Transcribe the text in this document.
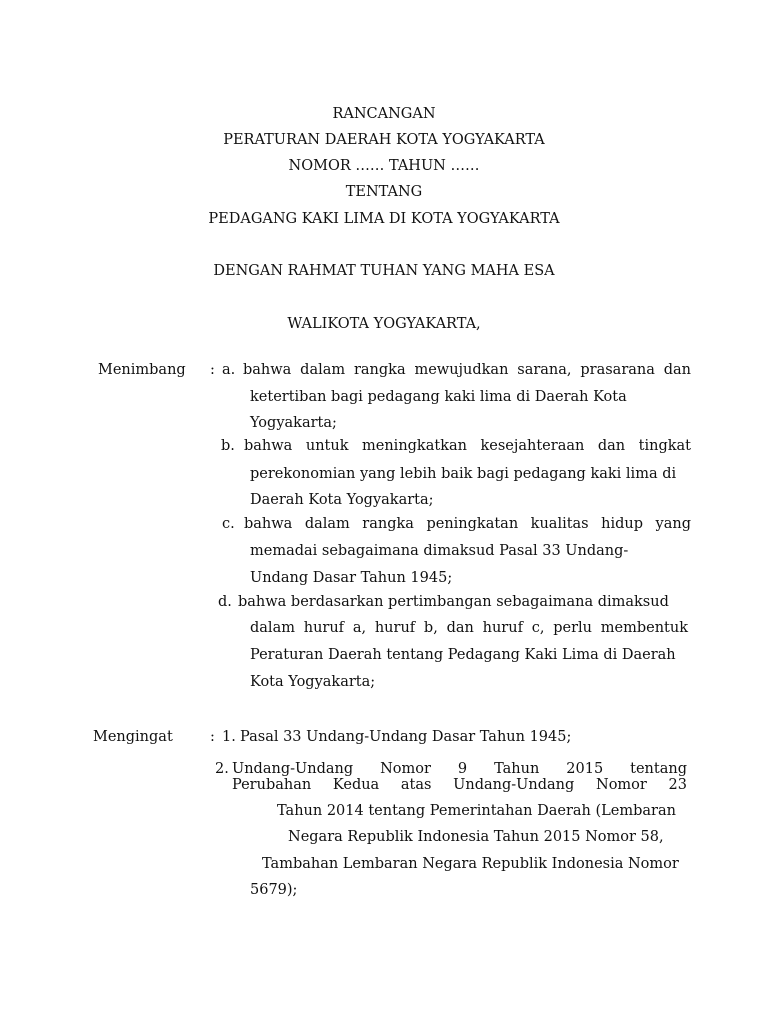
RANCANGAN
PERATURAN DAERAH KOTA YOGYAKARTA
NOMOR …… TAHUN ……
TENTANG
PEDAGANG KAKI LIMA DI KOTA YOGYAKARTA
DENGAN RAHMAT TUHAN YANG MAHA ESA
WALIKOTA YOGYAKARTA,
Menimbang : a. bahwa dalam rangka mewujudkan sarana, prasarana dan
ketertiban bagi pedagang kaki lima di Daerah Kota
Yogyakarta;
b. bahwa untuk meningkatkan kesejahteraan dan tingkat
perekonomian yang lebih baik bagi pedagang kaki lima di
Daerah Kota Yogyakarta;
c. bahwa dalam rangka peningkatan kualitas hidup yang
memadai sebagaimana dimaksud Pasal 33 Undang-
Undang Dasar Tahun 1945;
d. bahwa berdasarkan pertimbangan sebagaimana dimaksud
dalam huruf a, huruf b, dan huruf c, perlu membentuk
Peraturan Daerah tentang Pedagang Kaki Lima di Daerah
Kota Yogyakarta;
Mengingat	: 1. Pasal 33 Undang-Undang Dasar Tahun 1945;
2. Undang-Undang Nomor 9 Tahun 2015 tentang
Perubahan Kedua atas Undang-Undang Nomor 23
Tahun 2014 tentang Pemerintahan Daerah (Lembaran
Negara Republik Indonesia Tahun 2015 Nomor 58,
Tambahan Lembaran Negara Republik Indonesia Nomor
5679);
